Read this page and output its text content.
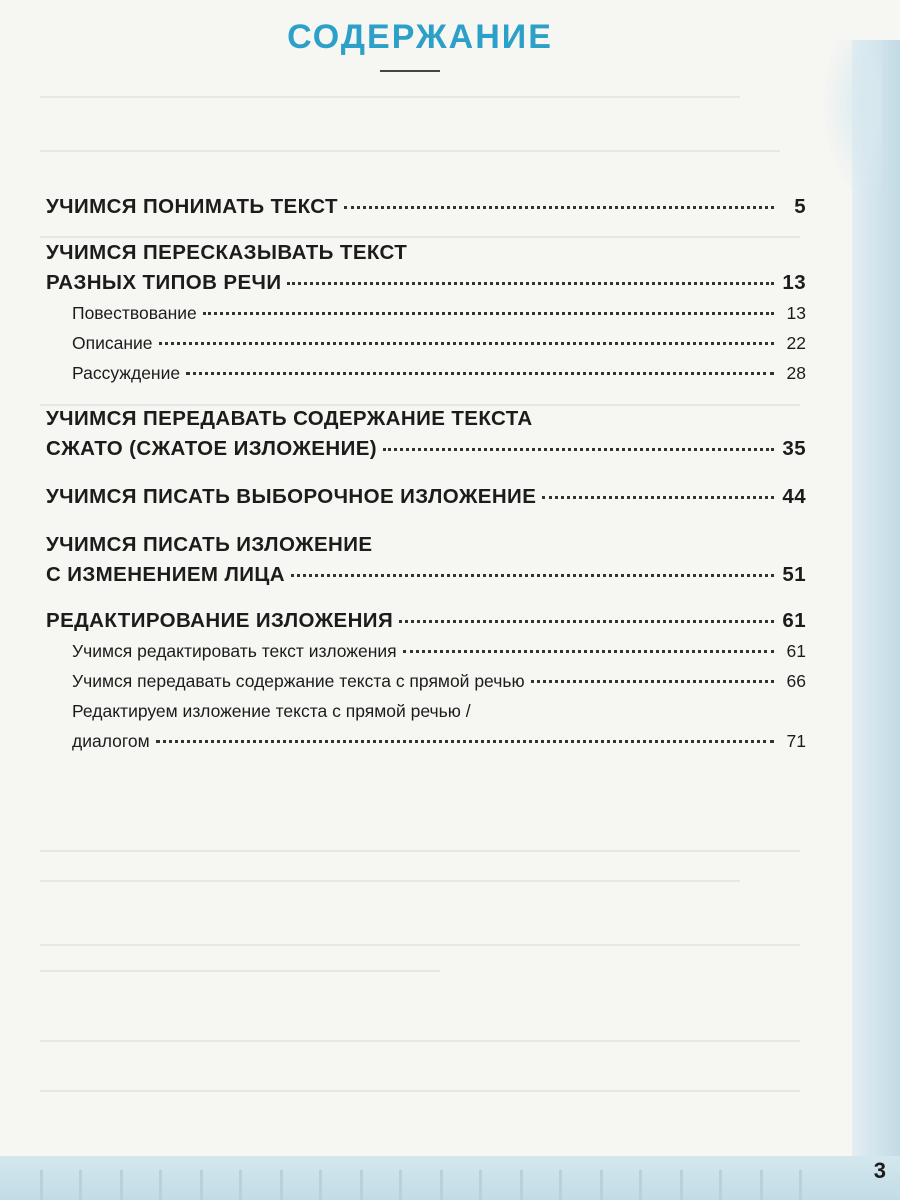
СОДЕРЖАНИЕ
УЧИМСЯ ПОНИМАТЬ ТЕКСТ	5

УЧИМСЯ ПЕРЕСКАЗЫВАТЬ ТЕКСТ

РАЗНЫХ ТИПОВ РЕЧИ	13
Повествование	13
Описание	22
Рассуждение	28

УЧИМСЯ ПЕРЕДАВАТЬ СОДЕРЖАНИЕ ТЕКСТА

СЖАТО (СЖАТОЕ ИЗЛОЖЕНИЕ)	35
УЧИМСЯ ПИСАТЬ ВЫБОРОЧНОЕ ИЗЛОЖЕНИЕ	44

УЧИМСЯ ПИСАТЬ ИЗЛОЖЕНИЕ

С ИЗМЕНЕНИЕМ ЛИЦА	51
РЕДАКТИРОВАНИЕ ИЗЛОЖЕНИЯ	61
Учимся редактировать текст изложения	61
Учимся передавать содержание текста с прямой речью	66

Редактируем изложение текста с прямой речью /

диалогом	71
3
